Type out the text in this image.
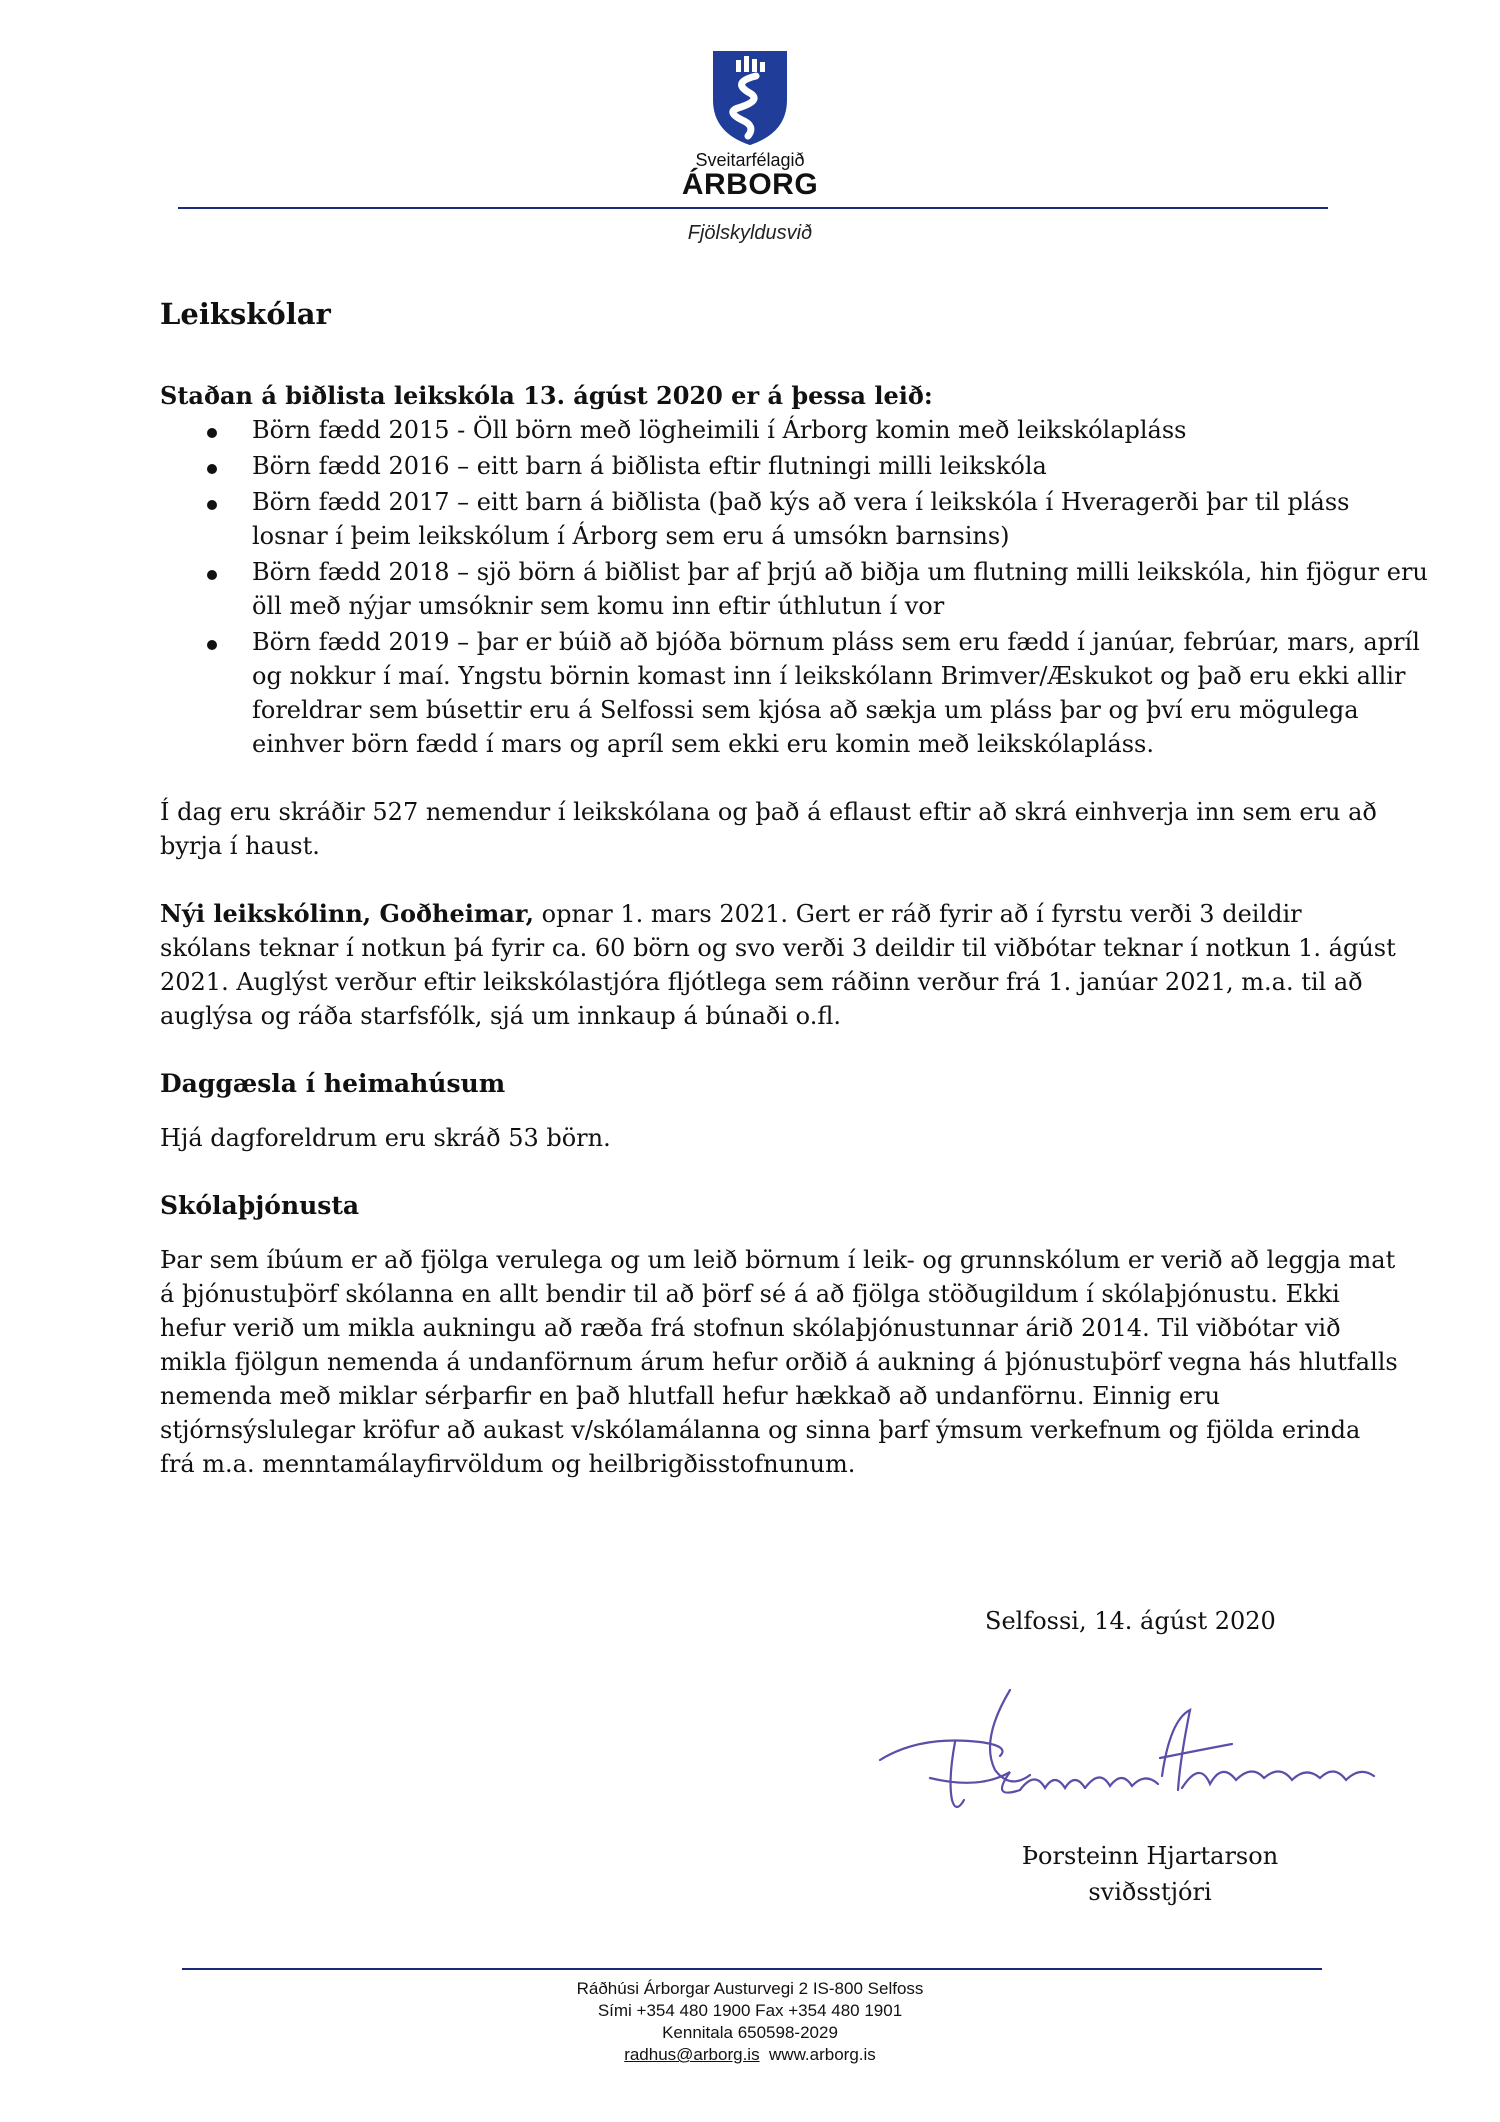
Sveitarfélagið
ÁRBORG
Fjölskyldusvið
Leikskólar

Staðan á biðlista leikskóla 13. ágúst 2020 er á þessa leið:

Börn fædd 2015 - Öll börn með lögheimili í Árborg komin með leikskólapláss
Börn fædd 2016 – eitt barn á biðlista eftir flutningi milli leikskóla
Börn fædd 2017 – eitt barn á biðlista (það kýs að vera í leikskóla í Hveragerði þar til pláss losnar í þeim leikskólum í Árborg sem eru á umsókn barnsins)
Börn fædd 2018 – sjö börn á biðlist þar af þrjú að biðja um flutning milli leikskóla, hin fjögur eru öll með nýjar umsóknir sem komu inn eftir úthlutun í vor
Börn fædd 2019 – þar er búið að bjóða börnum pláss sem eru fædd í janúar, febrúar, mars, apríl og nokkur í maí. Yngstu börnin komast inn í leikskólann Brimver/Æskukot og það eru ekki allir foreldrar sem búsettir eru á Selfossi sem kjósa að sækja um pláss þar og því eru mögulega einhver börn fædd í mars og apríl sem ekki eru komin með leikskólapláss.

Í dag eru skráðir 527 nemendur í leikskólana og það á eflaust eftir að skrá einhverja inn sem eru að byrja í haust.

Nýi leikskólinn, Goðheimar, opnar 1. mars 2021. Gert er ráð fyrir að í fyrstu verði 3 deildir skólans teknar í notkun þá fyrir ca. 60 börn og svo verði 3 deildir til viðbótar teknar í notkun 1. ágúst 2021. Auglýst verður eftir leikskólastjóra fljótlega sem ráðinn verður frá 1. janúar 2021, m.a. til að auglýsa og ráða starfsfólk, sjá um innkaup á búnaði o.fl.

Daggæsla í heimahúsum

Hjá dagforeldrum eru skráð 53 börn.

Skólaþjónusta

Þar sem íbúum er að fjölga verulega og um leið börnum í leik- og grunnskólum er verið að leggja mat á þjónustuþörf skólanna en allt bendir til að þörf sé á að fjölga stöðugildum í skólaþjónustu. Ekki hefur verið um mikla aukningu að ræða frá stofnun skólaþjónustunnar árið 2014. Til viðbótar við mikla fjölgun nemenda á undanförnum árum hefur orðið á aukning á þjónustuþörf vegna hás hlutfalls nemenda með miklar sérþarfir en það hlutfall hefur hækkað að undanförnu. Einnig eru stjórnsýslulegar kröfur að aukast v/skólamálanna og sinna þarf ýmsum verkefnum og fjölda erinda frá m.a. menntamálayfirvöldum og heilbrigðisstofnunum.

Selfossi, 14. ágúst 2020
Þorsteinn Hjartarson
sviðsstjóri
Ráðhúsi Árborgar Austurvegi 2 IS-800 Selfoss
Sími +354 480 1900 Fax +354 480 1901
Kennitala 650598-2029
radhus@arborg.is www.arborg.is
